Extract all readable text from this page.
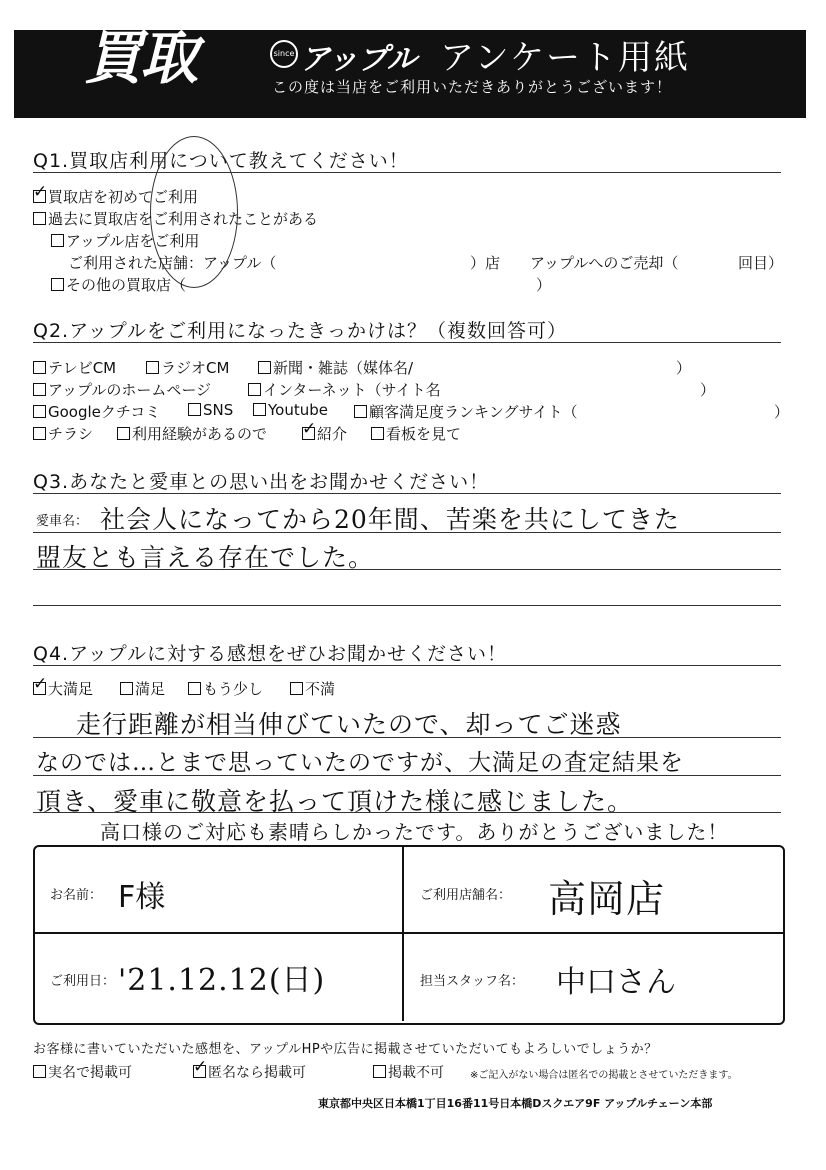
買取	since アップル アンケート用紙
この度は当店をご利用いただきありがとうございます！
Q1.買取店利用について教えてください！
✓買取店を初めてご利用
過去に買取店をご利用されたことがある
アップル店をご利用
ご利用された店舗：アップル（	）店 アップルへのご売却（	回目）
その他の買取店（	）
Q2.アップルをご利用になったきっかけは？（複数回答可）
テレビCM	ラジオCM	新聞・雑誌（媒体名/	）
アップルのホームページ	インターネット（サイト名	）
Googleクチコミ	SNS	Youtube	顧客満足度ランキングサイト（	）
チラシ	利用経験があるので ✓	紹介	看板を見て
Q3.あなたと愛車との思い出をお聞かせください！
愛車名： 社会人になってから20年間、苦楽を共にしてきた
盟友とも言える存在でした。
Q4.アップルに対する感想をぜひお聞かせください！
✓大満足	満足	もう少し	不満
走行距離が相当伸びていたので、却ってご迷惑
なのでは…とまで思っていたのですが、大満足の査定結果を
頂き、愛車に敬意を払って頂けた様に感じました。
高口様のご対応も素晴らしかったです。ありがとうございました！
お名前： F様	ご利用店舗名： 高岡店
ご利用日： '21.12.12(日)	担当スタッフ名： 中口さん
お客様に書いていただいた感想を、アップルHPや広告に掲載させていただいてもよろしいでしょうか？
実名で掲載可 ✓	匿名なら掲載可	掲載不可	※ご記入がない場合は匿名での掲載とさせていただきます。
東京都中央区日本橋1丁目16番11号日本橋Dスクエア9F アップルチェーン本部
